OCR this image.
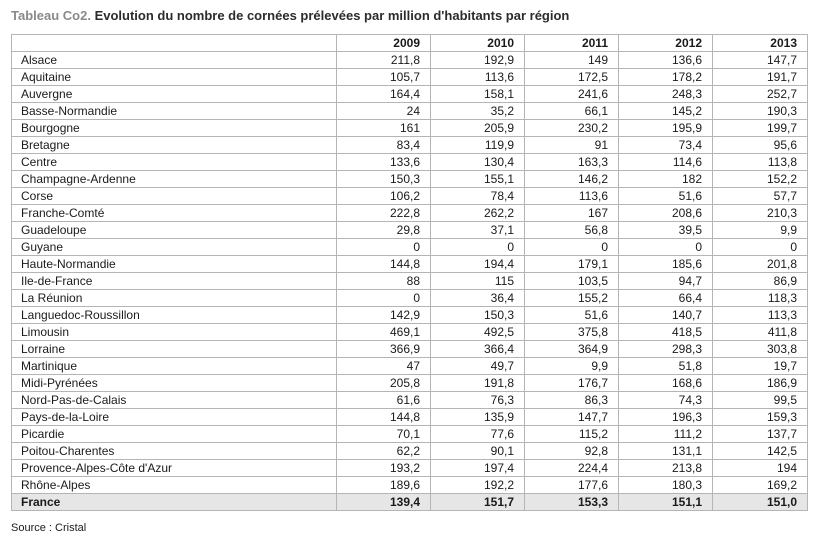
Tableau Co2. Evolution du nombre de cornées prélevées par million d'habitants par région
	2009	2010	2011	2012	2013
Alsace	211,8	192,9	149	136,6	147,7
Aquitaine	105,7	113,6	172,5	178,2	191,7
Auvergne	164,4	158,1	241,6	248,3	252,7
Basse-Normandie	24	35,2	66,1	145,2	190,3
Bourgogne	161	205,9	230,2	195,9	199,7
Bretagne	83,4	119,9	91	73,4	95,6
Centre	133,6	130,4	163,3	114,6	113,8
Champagne-Ardenne	150,3	155,1	146,2	182	152,2
Corse	106,2	78,4	113,6	51,6	57,7
Franche-Comté	222,8	262,2	167	208,6	210,3
Guadeloupe	29,8	37,1	56,8	39,5	9,9
Guyane	0	0	0	0	0
Haute-Normandie	144,8	194,4	179,1	185,6	201,8
Ile-de-France	88	115	103,5	94,7	86,9
La Réunion	0	36,4	155,2	66,4	118,3
Languedoc-Roussillon	142,9	150,3	51,6	140,7	113,3
Limousin	469,1	492,5	375,8	418,5	411,8
Lorraine	366,9	366,4	364,9	298,3	303,8
Martinique	47	49,7	9,9	51,8	19,7
Midi-Pyrénées	205,8	191,8	176,7	168,6	186,9
Nord-Pas-de-Calais	61,6	76,3	86,3	74,3	99,5
Pays-de-la-Loire	144,8	135,9	147,7	196,3	159,3
Picardie	70,1	77,6	115,2	111,2	137,7
Poitou-Charentes	62,2	90,1	92,8	131,1	142,5
Provence-Alpes-Côte d'Azur	193,2	197,4	224,4	213,8	194
Rhône-Alpes	189,6	192,2	177,6	180,3	169,2
France	139,4	151,7	153,3	151,1	151,0
Source : Cristal
